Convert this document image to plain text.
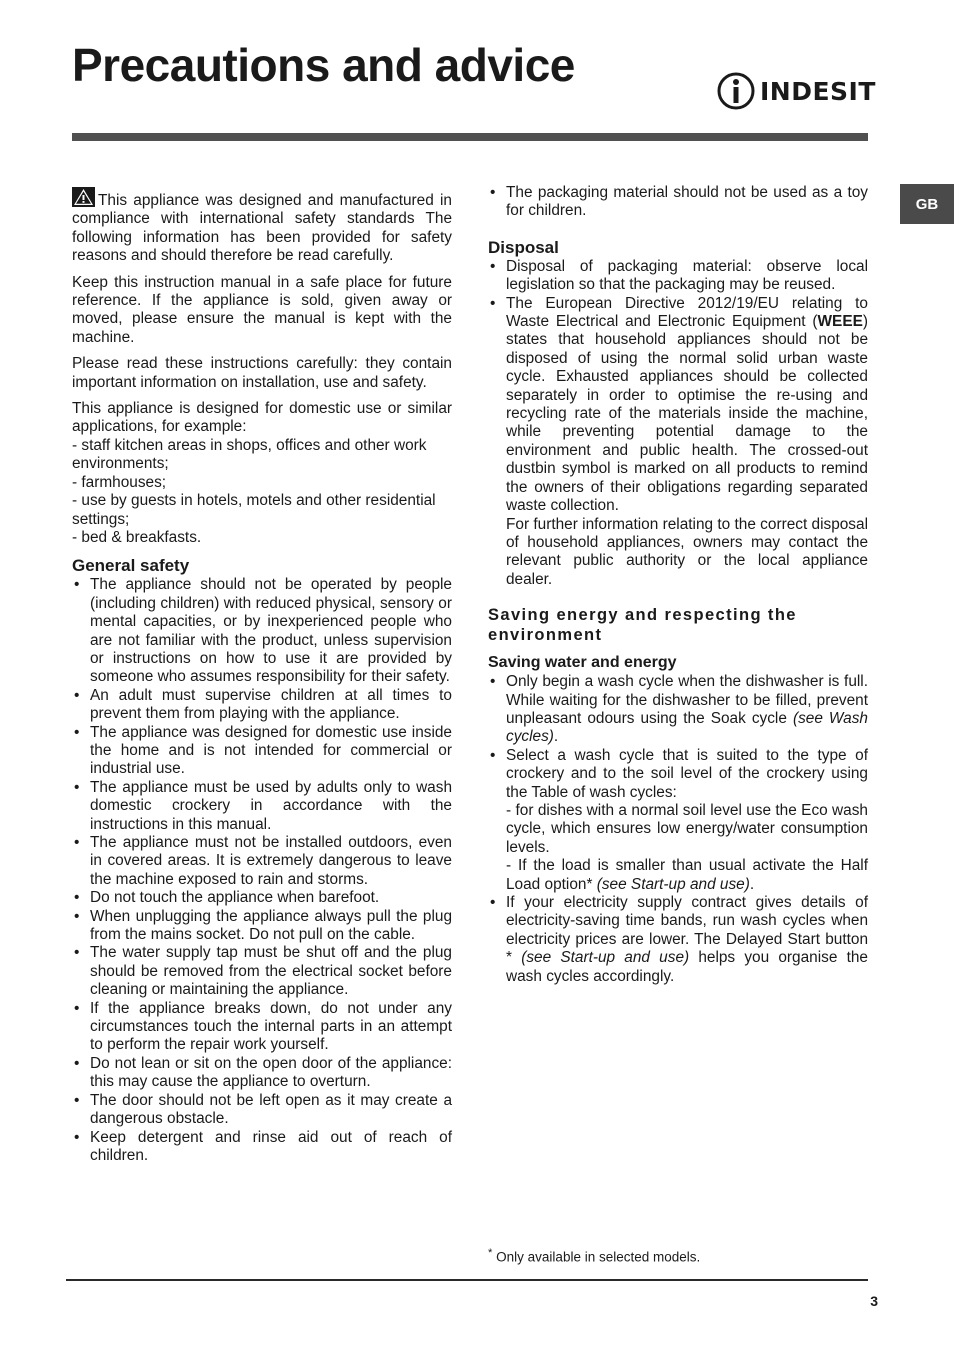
Precautions and advice	INDESIT
GB

This appliance was designed and manufactured in compliance with international safety standards The following information has been provided for safety reasons and should therefore be read carefully.

Keep this instruction manual in a safe place for future reference. If the appliance is sold, given away or moved, please ensure the manual is kept with the machine.

Please read these instructions carefully: they contain important information on installation, use and safety.

This appliance is designed for domestic use or similar applications, for example:

- staff kitchen areas in shops, offices and other work environments;

- farmhouses;

- use by guests in hotels, motels and other residential settings;

- bed & breakfasts.

General safety
• The appliance should not be operated by people (including children) with reduced physical, sensory or mental capacities, or by inexperienced people who are not familiar with the product, unless supervision or instructions on how to use it are provided by someone who assumes responsibility for their safety.
• An adult must supervise children at all times to prevent them from playing with the appliance.
• The appliance was designed for domestic use inside the home and is not intended for commercial or industrial use.
• The appliance must be used by adults only to wash domestic crockery in accordance with the instructions in this manual.
• The appliance must not be installed outdoors, even in covered areas. It is extremely dangerous to leave the machine exposed to rain and storms.
• Do not touch the appliance when barefoot.
• When unplugging the appliance always pull the plug from the mains socket. Do not pull on the cable.
• The water supply tap must be shut off and the plug should be removed from the electrical socket before cleaning or maintaining the appliance.
• If the appliance breaks down, do not under any circumstances touch the internal parts in an attempt to perform the repair work yourself.
• Do not lean or sit on the open door of the appliance: this may cause the appliance to overturn.
• The door should not be left open as it may create a dangerous obstacle.
• Keep detergent and rinse aid out of reach of children.
• The packaging material should not be used as a toy for children.
Disposal
• Disposal of packaging material: observe local legislation so that the packaging may be reused.
• The European Directive 2012/19/EU relating to Waste Electrical and Electronic Equipment (WEEE) states that household appliances should not be disposed of using the normal solid urban waste cycle. Exhausted appliances should be collected separately in order to optimise the re-using and recycling rate of the materials inside the machine, while preventing potential damage to the environment and public health. The crossed-out dustbin symbol is marked on all products to remind the owners of their obligations regarding separated waste collection.

For further information relating to the correct disposal of household appliances, owners may contact the relevant public authority or the local appliance dealer.

Saving energy and respecting the environment
Saving water and energy
• Only begin a wash cycle when the dishwasher is full. While waiting for the dishwasher to be filled, prevent unpleasant odours using the Soak cycle (see Wash cycles).
• Select a wash cycle that is suited to the type of crockery and to the soil level of the crockery using the Table of wash cycles:

- for dishes with a normal soil level use the Eco wash cycle, which ensures low energy/water consumption levels.

- If the load is smaller than usual activate the Half Load option* (see Start-up and use).

• If your electricity supply contract gives details of electricity-saving time bands, run wash cycles when electricity prices are lower. The Delayed Start button * (see Start-up and use) helps you organise the wash cycles accordingly.
* Only available in selected models.
3
